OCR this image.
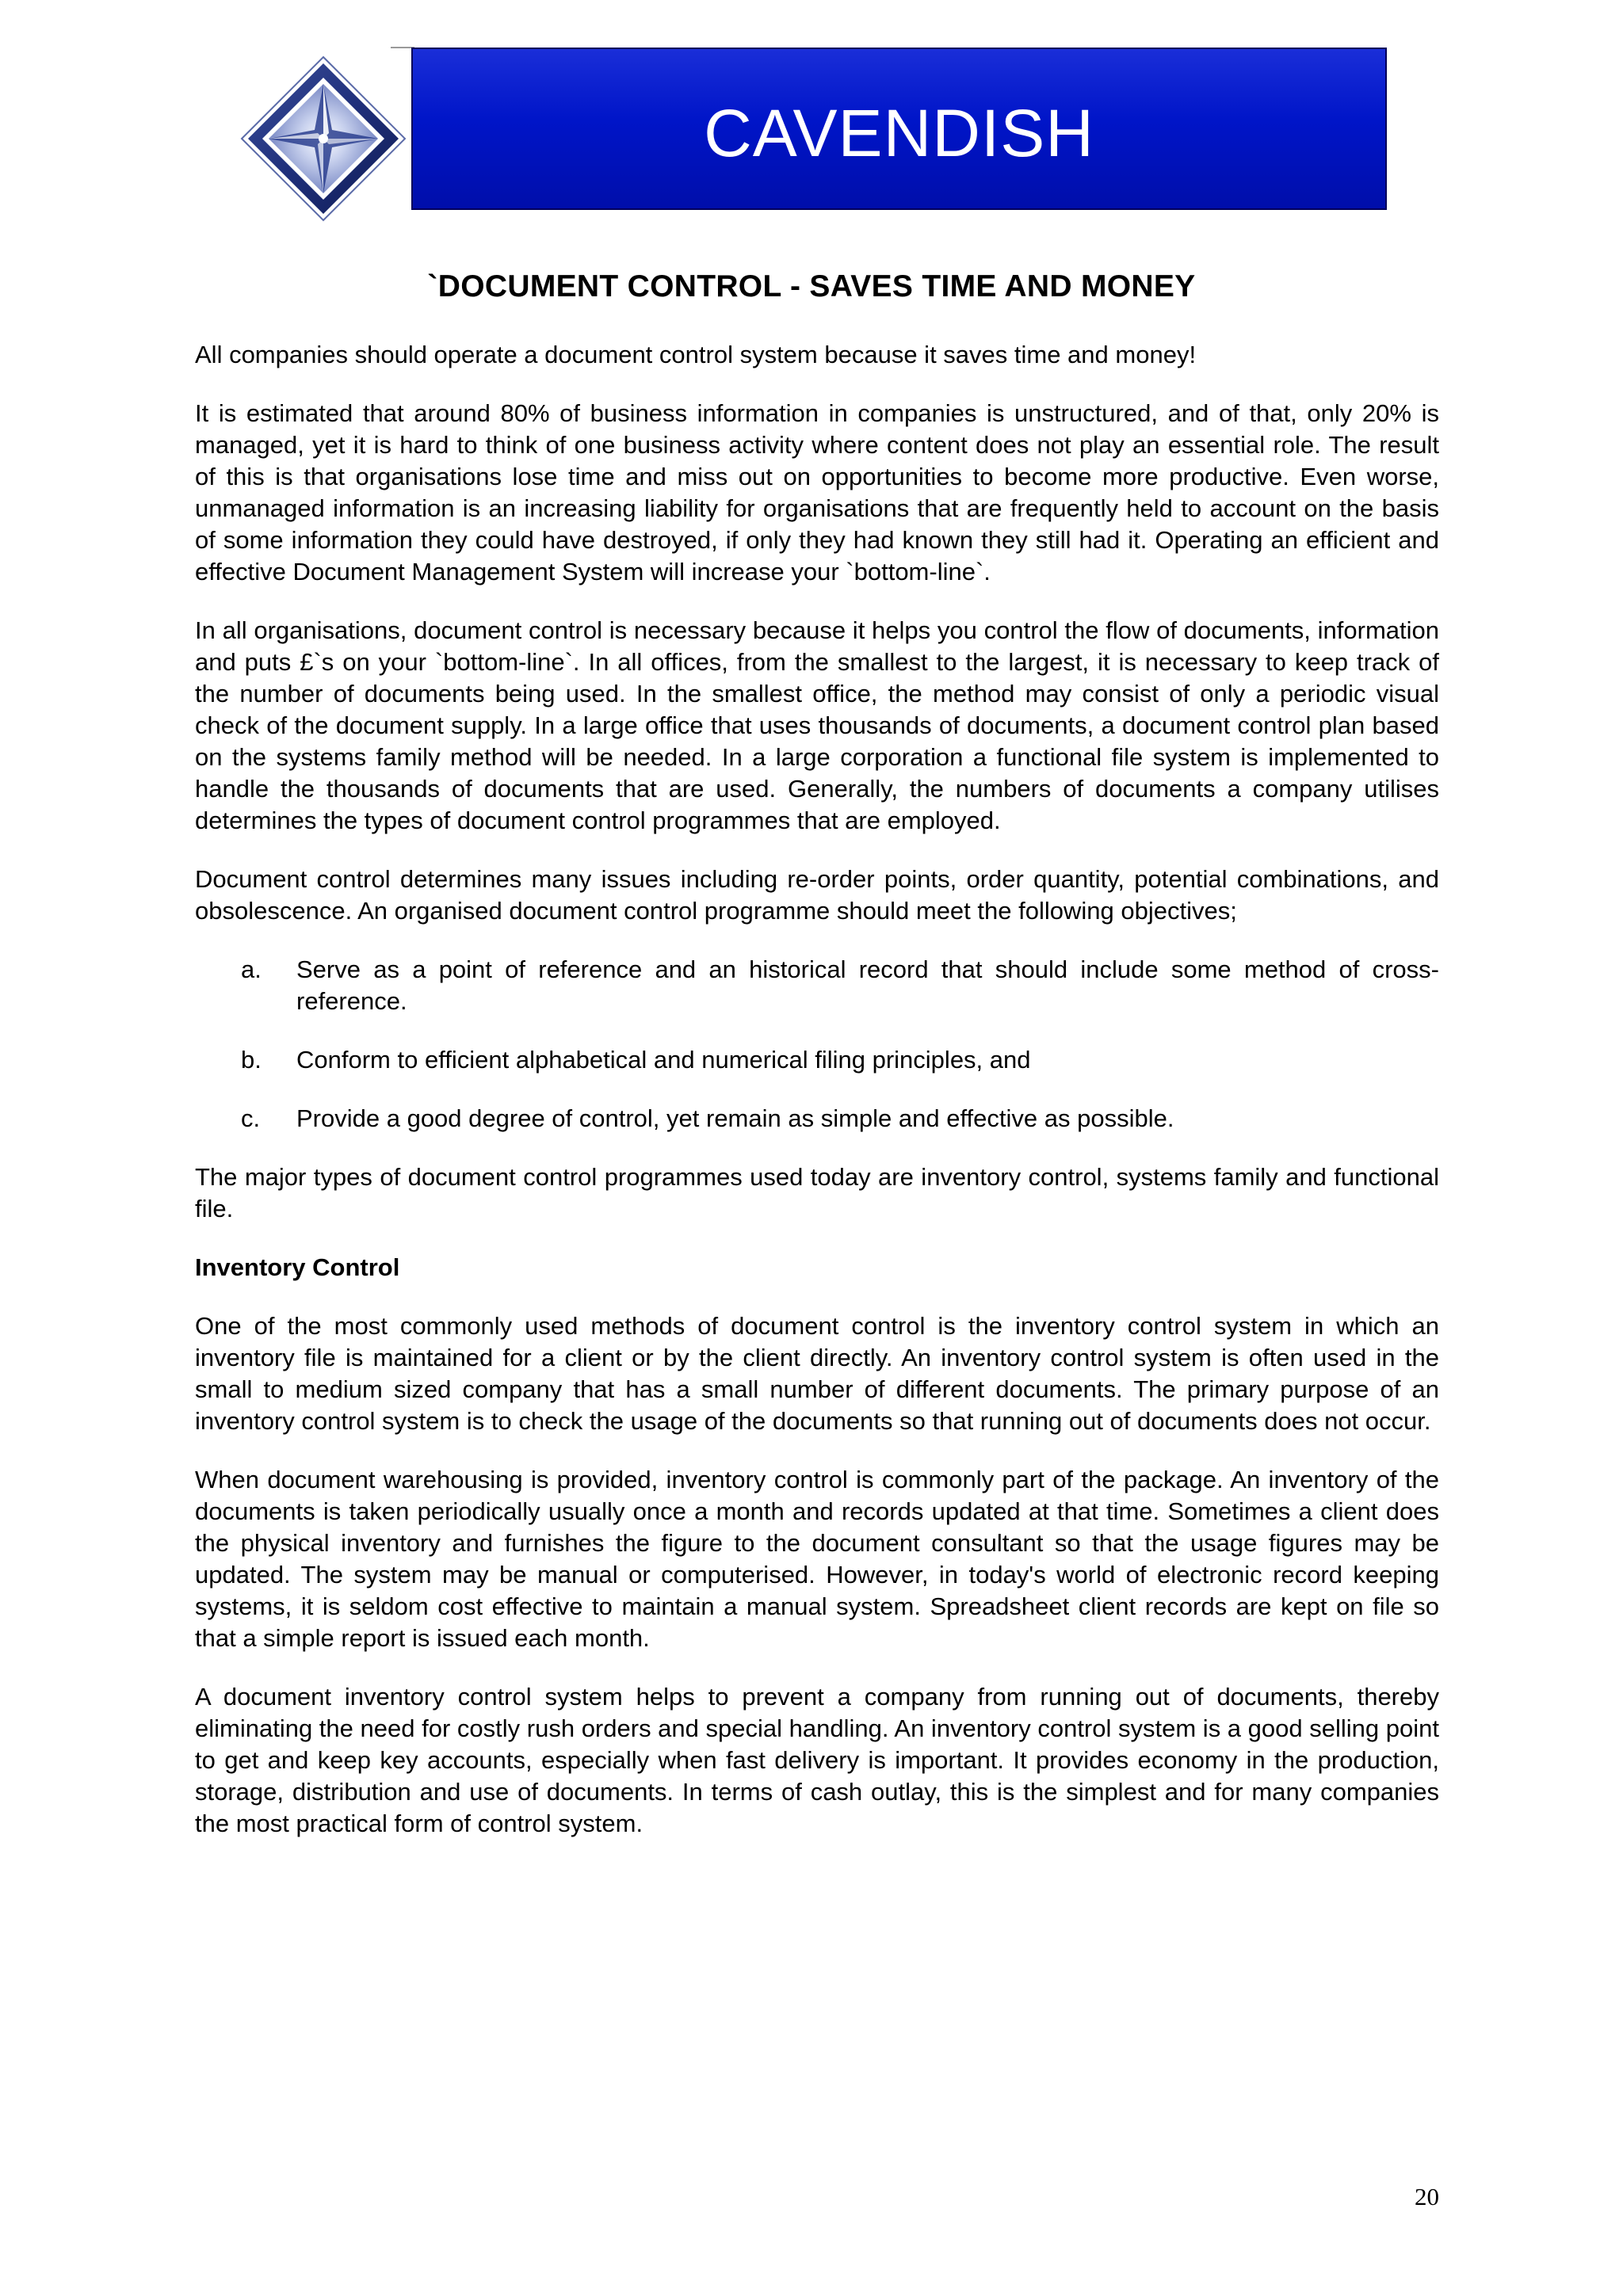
CAVENDISH
`DOCUMENT CONTROL - SAVES TIME AND MONEY

All companies should operate a document control system because it saves time and money!

It is estimated that around 80% of business information in companies is unstructured, and of that, only 20% is managed, yet it is hard to think of one business activity where content does not play an essential role. The result of this is that organisations lose time and miss out on opportunities to become more productive. Even worse, unmanaged information is an increasing liability for organisations that are frequently held to account on the basis of some information they could have destroyed, if only they had known they still had it. Operating an efficient and effective Document Management System will increase your `bottom-line`.

In all organisations, document control is necessary because it helps you control the flow of documents, information and puts £`s on your `bottom-line`. In all offices, from the smallest to the largest, it is necessary to keep track of the number of documents being used. In the smallest office, the method may consist of only a periodic visual check of the document supply. In a large office that uses thousands of documents, a document control plan based on the systems family method will be needed. In a large corporation a functional file system is implemented to handle the thousands of documents that are used. Generally, the numbers of documents a company utilises determines the types of document control programmes that are employed.

Document control determines many issues including re-order points, order quantity, potential combinations, and obsolescence. An organised document control programme should meet the following objectives;

a.	Serve as a point of reference and an historical record that should include some method of cross-reference.
b.	Conform to efficient alphabetical and numerical filing principles, and
c.	Provide a good degree of control, yet remain as simple and effective as possible.

The major types of document control programmes used today are inventory control, systems family and functional file.

Inventory Control

One of the most commonly used methods of document control is the inventory control system in which an inventory file is maintained for a client or by the client directly. An inventory control system is often used in the small to medium sized company that has a small number of different documents. The primary purpose of an inventory control system is to check the usage of the documents so that running out of documents does not occur.

When document warehousing is provided, inventory control is commonly part of the package. An inventory of the documents is taken periodically usually once a month and records updated at that time. Sometimes a client does the physical inventory and furnishes the figure to the document consultant so that the usage figures may be updated. The system may be manual or computerised. However, in today's world of electronic record keeping systems, it is seldom cost effective to maintain a manual system. Spreadsheet client records are kept on file so that a simple report is issued each month.

A document inventory control system helps to prevent a company from running out of documents, thereby eliminating the need for costly rush orders and special handling. An inventory control system is a good selling point to get and keep key accounts, especially when fast delivery is important. It provides economy in the production, storage, distribution and use of documents. In terms of cash outlay, this is the simplest and for many companies the most practical form of control system.

20
